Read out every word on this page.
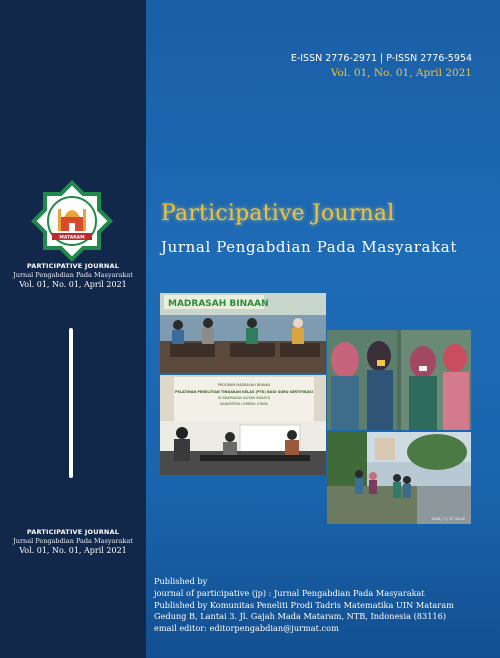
MATARAM
PARTICIPATIVE JOURNAL
Jurnal Pengabdian Pada Masyarakat
Vol. 01, No. 01, April 2021
PARTICIPATIVE JOURNAL
Jurnal Pengabdian Pada Masyarakat
Vol. 01, No. 01, April 2021
E-ISSN 2776-2971 | P-ISSN 2776-5954
Vol. 01, No. 01, April 2021
Participative Journal
Jurnal Pengabdian Pada Masyarakat
MADRASAH BINAAN
PROGRAM MADRASAH BINAAN
PELATIHAN PENELITIAN TINDAKAN KELAS (PTK) BAGI GURU SERTIFIKASI
DI MADRASAH ALIYAH SWASTA
KABUPATEN LOMBOK UTARA
2020 / 7 / 17 10:02
Published by
journal of participative (jp) : Jurnal Pengabdian Pada Masyarakat
Published by Komunitas Peneliti Prodi Tadris Matematika UIN Mataram
Gedung B, Lantai 3. Jl. Gajah Mada Mataram, NTB, Indonesia (83116)
email editor: editorpengabdian@jurmat.com
